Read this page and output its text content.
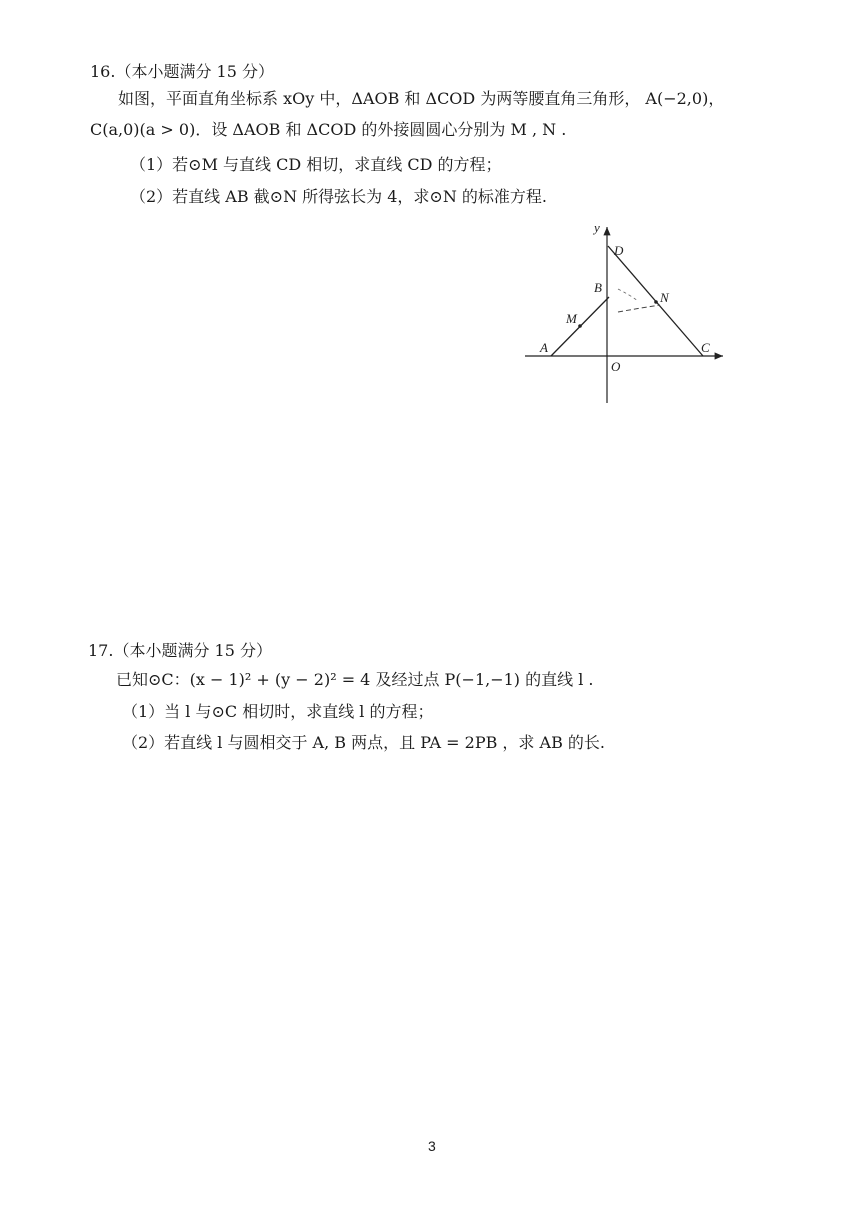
16.（本小题满分 15 分）
如图，平面直角坐标系 xOy 中，ΔAOB 和 ΔCOD 为两等腰直角三角形， A(−2,0)，
C(a,0)(a > 0)．设 ΔAOB 和 ΔCOD 的外接圆圆心分别为 M , N .
（1）若⊙M 与直线 CD 相切，求直线 CD 的方程；
（2）若直线 AB 截⊙N 所得弦长为 4，求⊙N 的标准方程.
y
D
B
N
M
A	C
O
17.（本小题满分 15 分）
已知⊙C：(x − 1)² + (y − 2)² = 4 及经过点 P(−1,−1) 的直线 l .
（1）当 l 与⊙C 相切时，求直线 l 的方程；
（2）若直线 l 与圆相交于 A, B 两点，且 PA = 2PB ，求 AB 的长.
3
